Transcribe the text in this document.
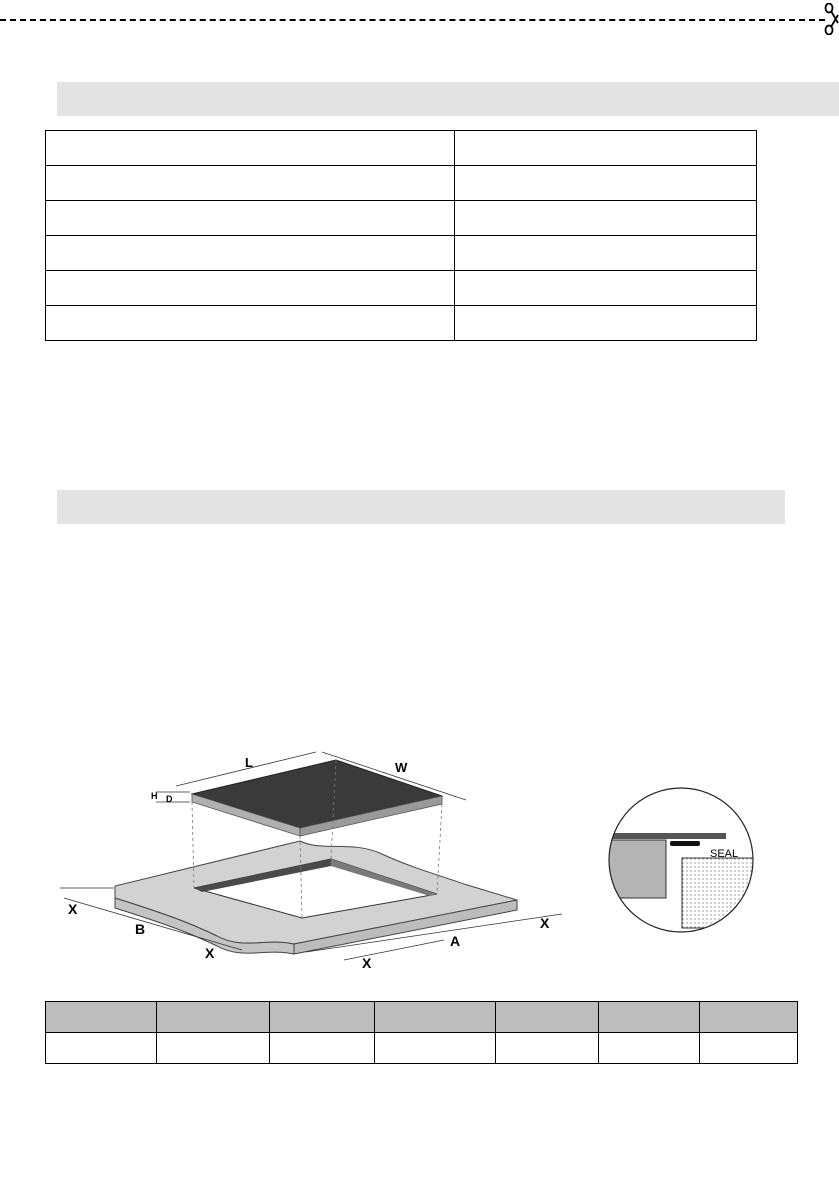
L	W
H D
X
B
X
A
X
X
SEAL
